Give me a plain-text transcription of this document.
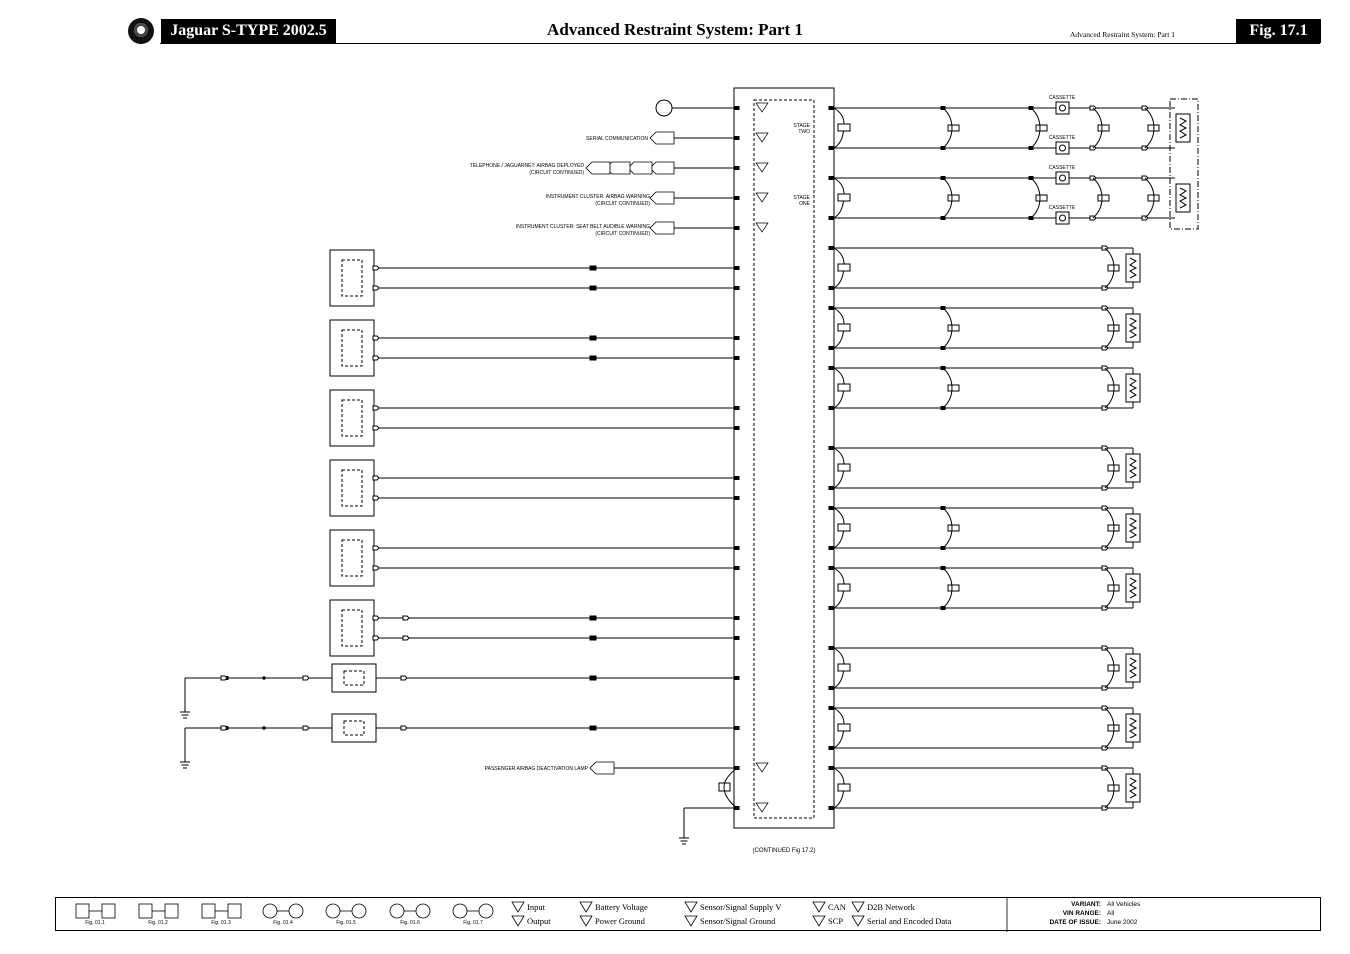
Jaguar S-TYPE 2002.5	Advanced Restraint System: Part 1	Advanced Restraint System: Part 1	Fig. 17.1
SERIAL COMMUNICATION
TELEPHONE / JAGUARNET: AIRBAG DEPLOYED
(CIRCUIT CONTINUED)
INSTRUMENT CLUSTER: AIRBAG WARNING
(CIRCUIT CONTINUED)
INSTRUMENT CLUSTER: SEAT BELT AUDIBLE WARNING
(CIRCUIT CONTINUED)
PASSENGER AIRBAG DEACTIVATION LAMP
STAGE
TWO
STAGE
ONE
CASSETTE
CASSETTE
CASSETTE
CASSETTE
(CONTINUED Fig 17.2)
Fig. 01.1	Fig. 01.2	Fig. 01.3	Fig. 01.4	Fig. 01.5	Fig. 01.6	Fig. 01.7
Input
Output
Battery Voltage
Power Ground
Sensor/Signal Supply V
Sensor/Signal Ground
CAN
SCP
D2B Network
Serial and Encoded Data
VARIANT: All Vehicles
VIN RANGE: All
DATE OF ISSUE: June 2002
